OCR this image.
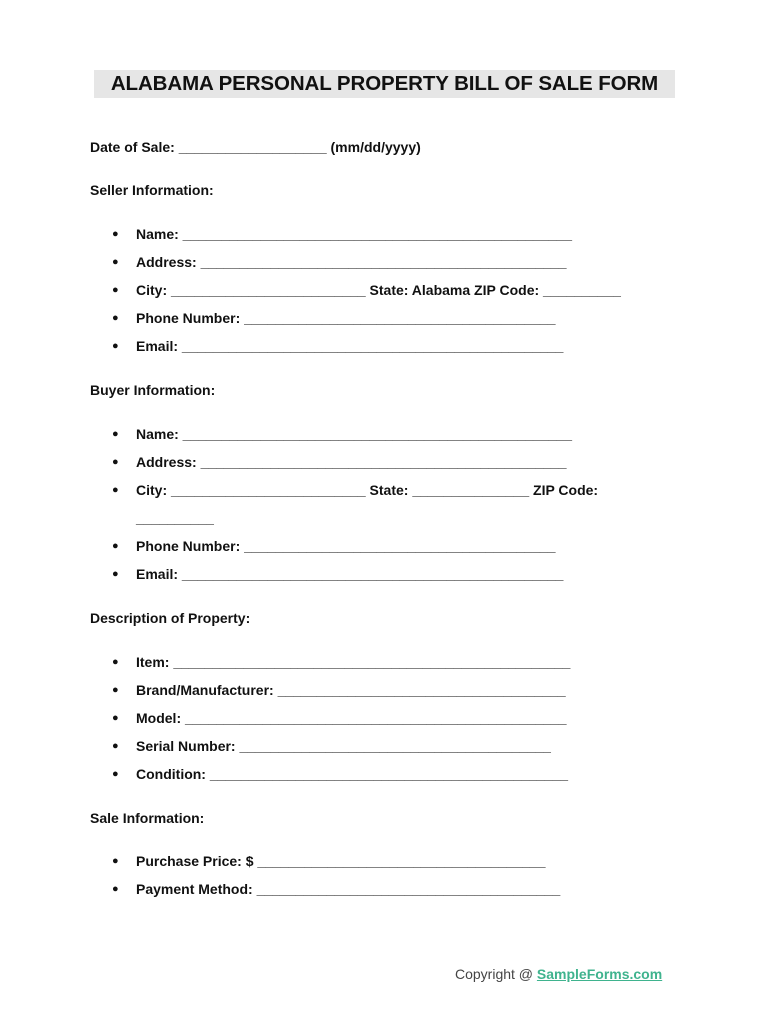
ALABAMA PERSONAL PROPERTY BILL OF SALE FORM
Date of Sale: ___________________ (mm/dd/yyyy)
Seller Information:
● Name: __________________________________________________
● Address: _______________________________________________
● City: _________________________ State: Alabama ZIP Code: __________
● Phone Number: ________________________________________
● Email: _________________________________________________
Buyer Information:
● Name: __________________________________________________
● Address: _______________________________________________
● City: _________________________ State: _______________ ZIP Code:
__________
● Phone Number: ________________________________________
● Email: _________________________________________________
Description of Property:
● Item: ___________________________________________________
● Brand/Manufacturer: _____________________________________
● Model: _________________________________________________
● Serial Number: ________________________________________
● Condition: ______________________________________________
Sale Information:
● Purchase Price: $ _____________________________________
● Payment Method: _______________________________________
Copyright @ SampleForms.com
